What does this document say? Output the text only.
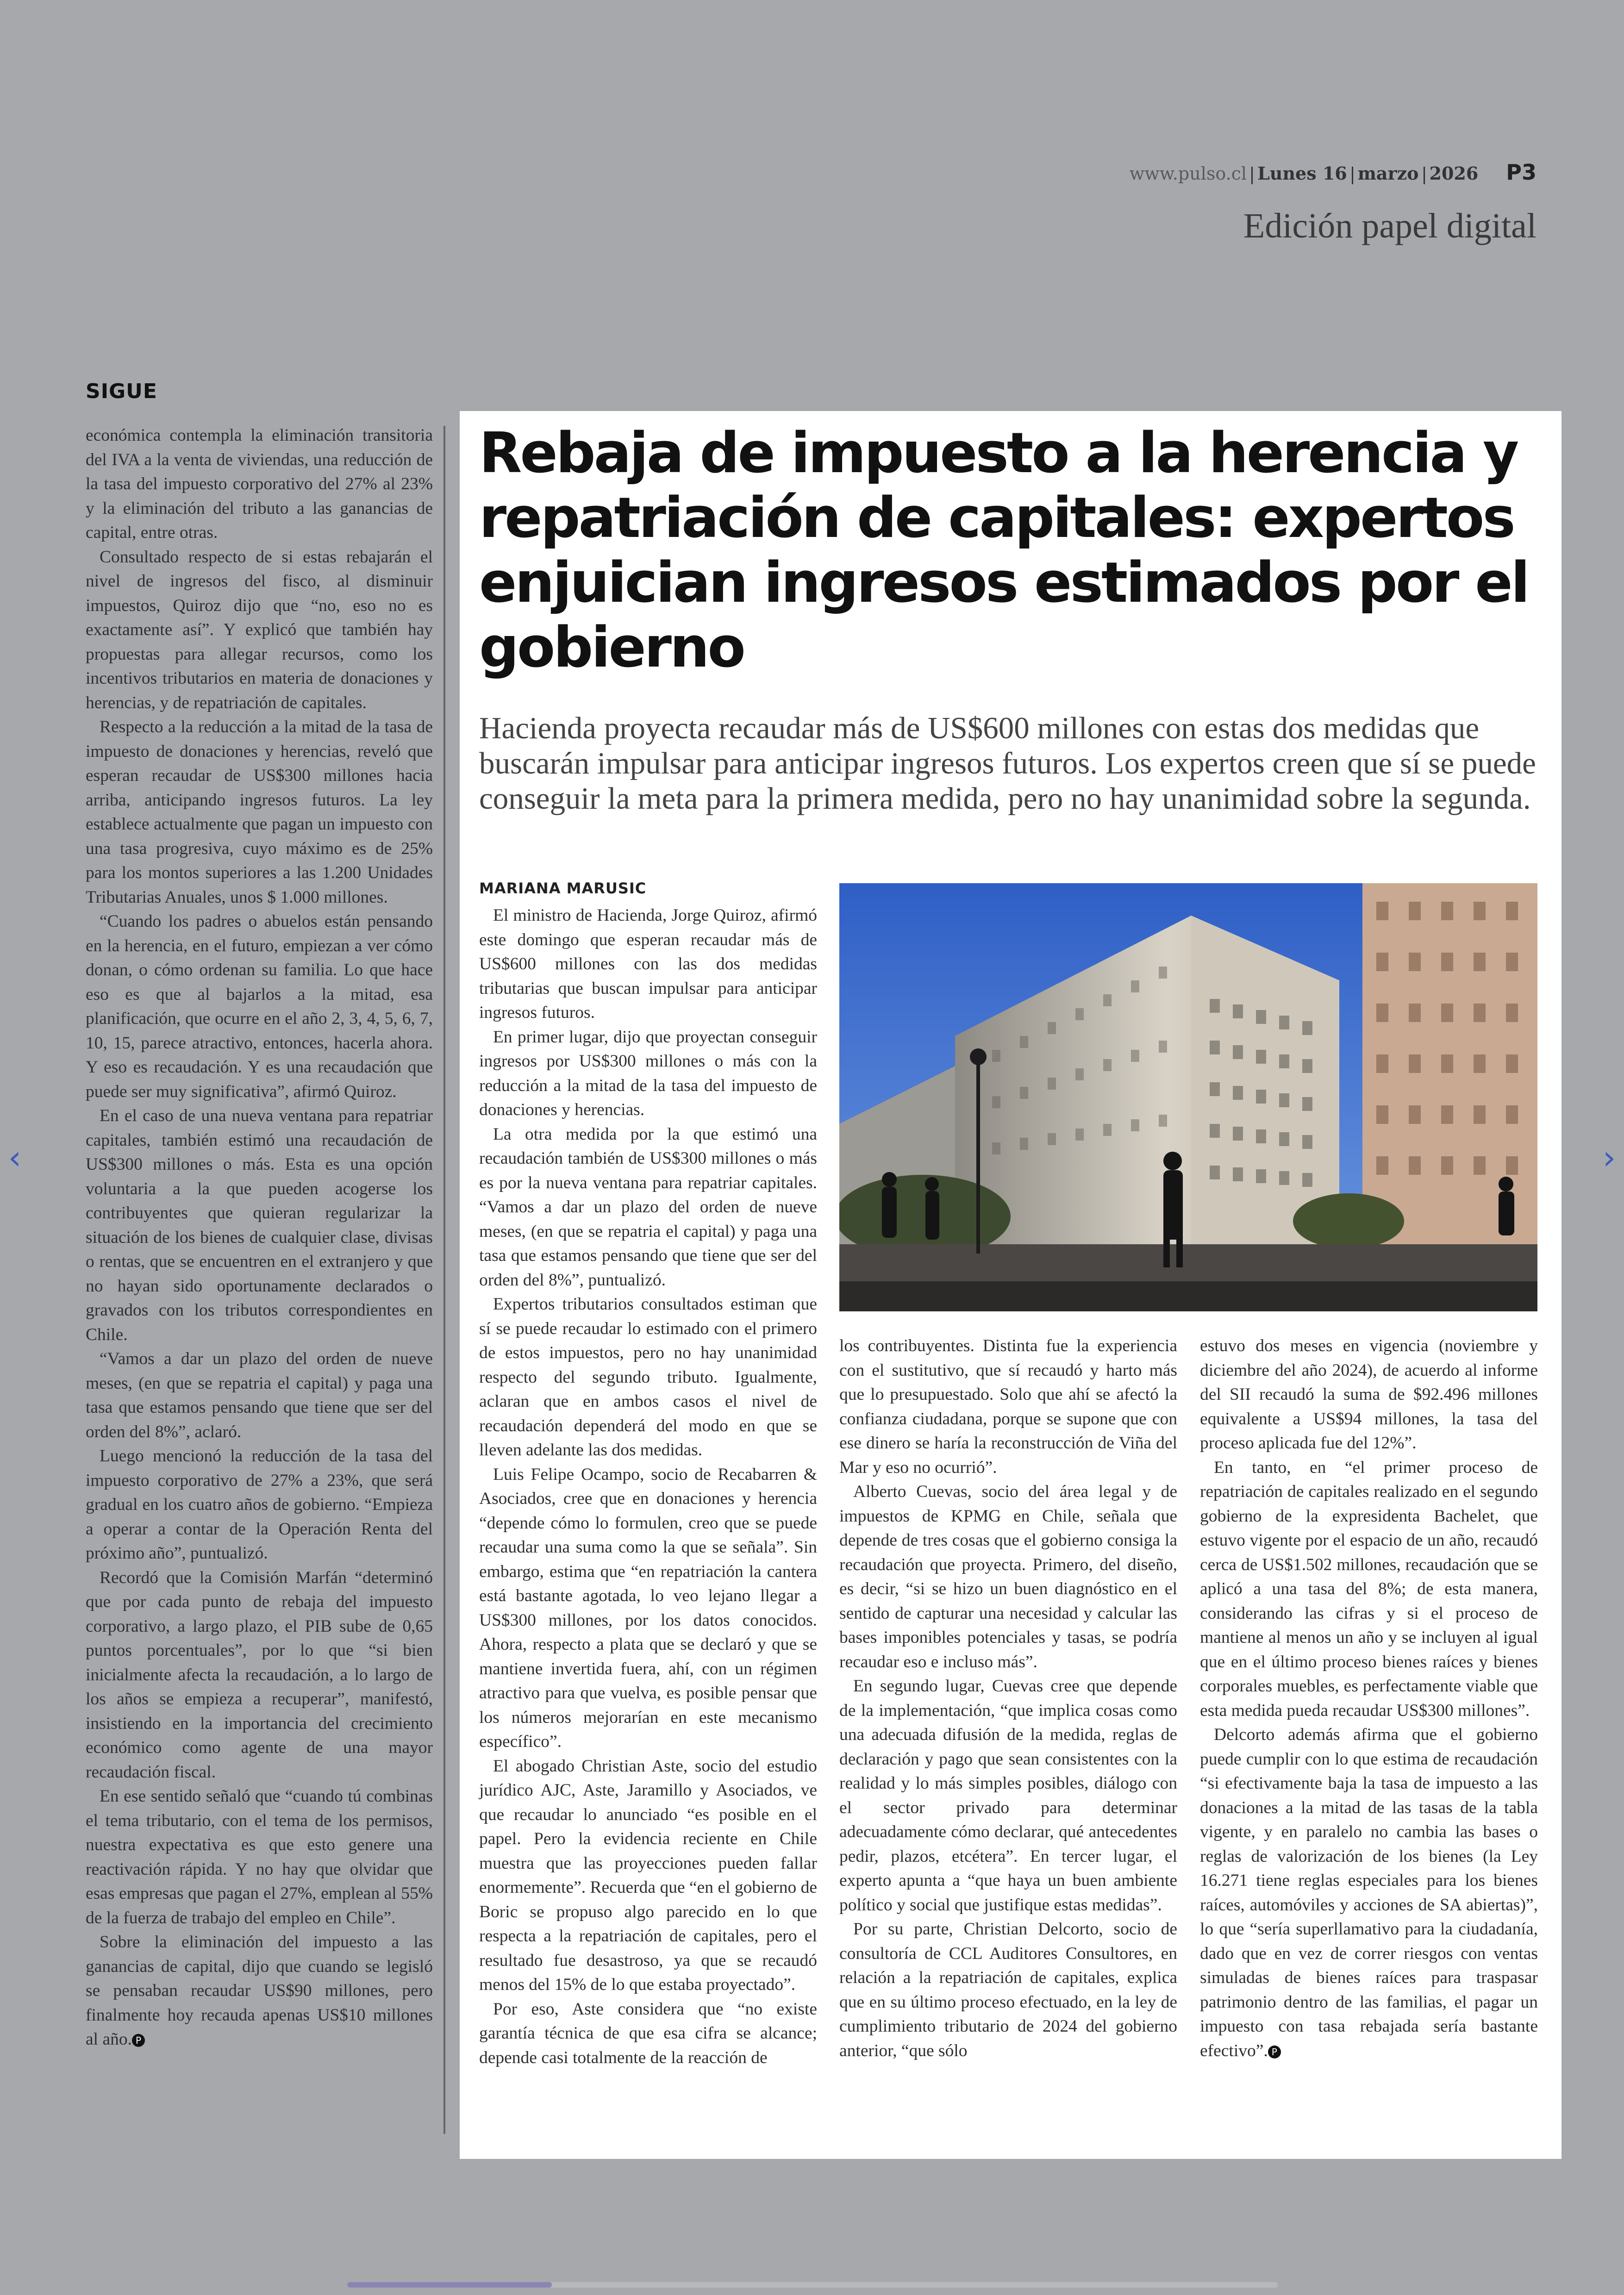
www.pulso.cl Lunes 16 marzo 2026 P3
Edición papel digital
SIGUE

económica contempla la eliminación transitoria del IVA a la venta de viviendas, una reducción de la tasa del impuesto corporativo del 27% al 23% y la eliminación del tributo a las ganancias de capital, entre otras.

Consultado respecto de si estas rebajarán el nivel de ingresos del fisco, al disminuir impuestos, Quiroz dijo que “no, eso no es exactamente así”. Y explicó que también hay propuestas para allegar recursos, como los incentivos tributarios en materia de donaciones y herencias, y de repatriación de capitales.

Respecto a la reducción a la mitad de la tasa de impuesto de donaciones y herencias, reveló que esperan recaudar de US$300 millones hacia arriba, anticipando ingresos futuros. La ley establece actualmente que pagan un impuesto con una tasa progresiva, cuyo máximo es de 25% para los montos superiores a las 1.200 Unidades Tributarias Anuales, unos $ 1.000 millones.

“Cuando los padres o abuelos están pensando en la herencia, en el futuro, empiezan a ver cómo donan, o cómo ordenan su familia. Lo que hace eso es que al bajarlos a la mitad, esa planificación, que ocurre en el año 2, 3, 4, 5, 6, 7, 10, 15, parece atractivo, entonces, hacerla ahora. Y eso es recaudación. Y es una recaudación que puede ser muy significativa”, afirmó Quiroz.

En el caso de una nueva ventana para repatriar capitales, también estimó una recaudación de US$300 millones o más. Esta es una opción voluntaria a la que pueden acogerse los contribuyentes que quieran regularizar la situación de los bienes de cualquier clase, divisas o rentas, que se encuentren en el extranjero y que no hayan sido oportunamente declarados o gravados con los tributos correspondientes en Chile.

“Vamos a dar un plazo del orden de nueve meses, (en que se repatria el capital) y paga una tasa que estamos pensando que tiene que ser del orden del 8%”, aclaró.

Luego mencionó la reducción de la tasa del impuesto corporativo de 27% a 23%, que será gradual en los cuatro años de gobierno. “Empieza a operar a contar de la Operación Renta del próximo año”, puntualizó.

Recordó que la Comisión Marfán “determinó que por cada punto de rebaja del impuesto corporativo, a largo plazo, el PIB sube de 0,65 puntos porcentuales”, por lo que “si bien inicialmente afecta la recaudación, a lo largo de los años se empieza a recuperar”, manifestó, insistiendo en la importancia del crecimiento económico como agente de una mayor recaudación fiscal.

En ese sentido señaló que “cuando tú combinas el tema tributario, con el tema de los permisos, nuestra expectativa es que esto genere una reactivación rápida. Y no hay que olvidar que esas empresas que pagan el 27%, emplean al 55% de la fuerza de trabajo del empleo en Chile”.

Sobre la eliminación del impuesto a las ganancias de capital, dijo que cuando se legisló se pensaban recaudar US$90 millones, pero finalmente hoy recauda apenas US$10 millones al año. P

Rebaja de impuesto a la herencia y repatriación de capitales: expertos enjuician ingresos estimados por el gobierno

Hacienda proyecta recaudar más de US$600 millones con estas dos medidas que buscarán impulsar para anticipar ingresos futuros. Los expertos creen que sí se puede conseguir la meta para la primera medida, pero no hay unanimidad sobre la segunda.

MARIANA MARUSIC

El ministro de Hacienda, Jorge Quiroz, afirmó este domingo que esperan recaudar más de US$600 millones con las dos medidas tributarias que buscan impulsar para anticipar ingresos futuros.

En primer lugar, dijo que proyectan conseguir ingresos por US$300 millones o más con la reducción a la mitad de la tasa del impuesto de donaciones y herencias.

La otra medida por la que estimó una recaudación también de US$300 millones o más es por la nueva ventana para repatriar capitales. “Vamos a dar un plazo del orden de nueve meses, (en que se repatria el capital) y paga una tasa que estamos pensando que tiene que ser del orden del 8%”, puntualizó.

Expertos tributarios consultados estiman que sí se puede recaudar lo estimado con el primero de estos impuestos, pero no hay unanimidad respecto del segundo tributo. Igualmente, aclaran que en ambos casos el nivel de recaudación dependerá del modo en que se lleven adelante las dos medidas.

Luis Felipe Ocampo, socio de Recabarren & Asociados, cree que en donaciones y herencia “depende cómo lo formulen, creo que se puede recaudar una suma como la que se señala”. Sin embargo, estima que “en repatriación la cantera está bastante agotada, lo veo lejano llegar a US$300 millones, por los datos conocidos. Ahora, respecto a plata que se declaró y que se mantiene invertida fuera, ahí, con un régimen atractivo para que vuelva, es posible pensar que los números mejorarían en este mecanismo específico”.

El abogado Christian Aste, socio del estudio jurídico AJC, Aste, Jaramillo y Asociados, ve que recaudar lo anunciado “es posible en el papel. Pero la evidencia reciente en Chile muestra que las proyecciones pueden fallar enormemente”. Recuerda que “en el gobierno de Boric se propuso algo parecido en lo que respecta a la repatriación de capitales, pero el resultado fue desastroso, ya que se recaudó menos del 15% de lo que estaba proyectado”.

Por eso, Aste considera que “no existe garantía técnica de que esa cifra se alcance; depende casi totalmente de la reacción de

los contribuyentes. Distinta fue la experiencia con el sustitutivo, que sí recaudó y harto más que lo presupuestado. Solo que ahí se afectó la confianza ciudadana, porque se supone que con ese dinero se haría la reconstrucción de Viña del Mar y eso no ocurrió”.

Alberto Cuevas, socio del área legal y de impuestos de KPMG en Chile, señala que depende de tres cosas que el gobierno consiga la recaudación que proyecta. Primero, del diseño, es decir, “si se hizo un buen diagnóstico en el sentido de capturar una necesidad y calcular las bases imponibles potenciales y tasas, se podría recaudar eso e incluso más”.

En segundo lugar, Cuevas cree que depende de la implementación, “que implica cosas como una adecuada difusión de la medida, reglas de declaración y pago que sean consistentes con la realidad y lo más simples posibles, diálogo con el sector privado para determinar adecuadamente cómo declarar, qué antecedentes pedir, plazos, etcétera”. En tercer lugar, el experto apunta a “que haya un buen ambiente político y social que justifique estas medidas”.

Por su parte, Christian Delcorto, socio de consultoría de CCL Auditores Consultores, en relación a la repatriación de capitales, explica que en su último proceso efectuado, en la ley de cumplimiento tributario de 2024 del gobierno anterior, “que sólo

estuvo dos meses en vigencia (noviembre y diciembre del año 2024), de acuerdo al informe del SII recaudó la suma de $92.496 millones equivalente a US$94 millones, la tasa del proceso aplicada fue del 12%”.

En tanto, en “el primer proceso de repatriación de capitales realizado en el segundo gobierno de la expresidenta Bachelet, que estuvo vigente por el espacio de un año, recaudó cerca de US$1.502 millones, recaudación que se aplicó a una tasa del 8%; de esta manera, considerando las cifras y si el proceso de mantiene al menos un año y se incluyen al igual que en el último proceso bienes raíces y bienes corporales muebles, es perfectamente viable que esta medida pueda recaudar US$300 millones”.

Delcorto además afirma que el gobierno puede cumplir con lo que estima de recaudación “si efectivamente baja la tasa de impuesto a las donaciones a la mitad de las tasas de la tabla vigente, y en paralelo no cambia las bases o reglas de valorización de los bienes (la Ley 16.271 tiene reglas especiales para los bienes raíces, automóviles y acciones de SA abiertas)”, lo que “sería superllamativo para la ciudadanía, dado que en vez de correr riesgos con ventas simuladas de bienes raíces para traspasar patrimonio dentro de las familias, el pagar un impuesto con tasa rebajada sería bastante efectivo”. P

‹	›
